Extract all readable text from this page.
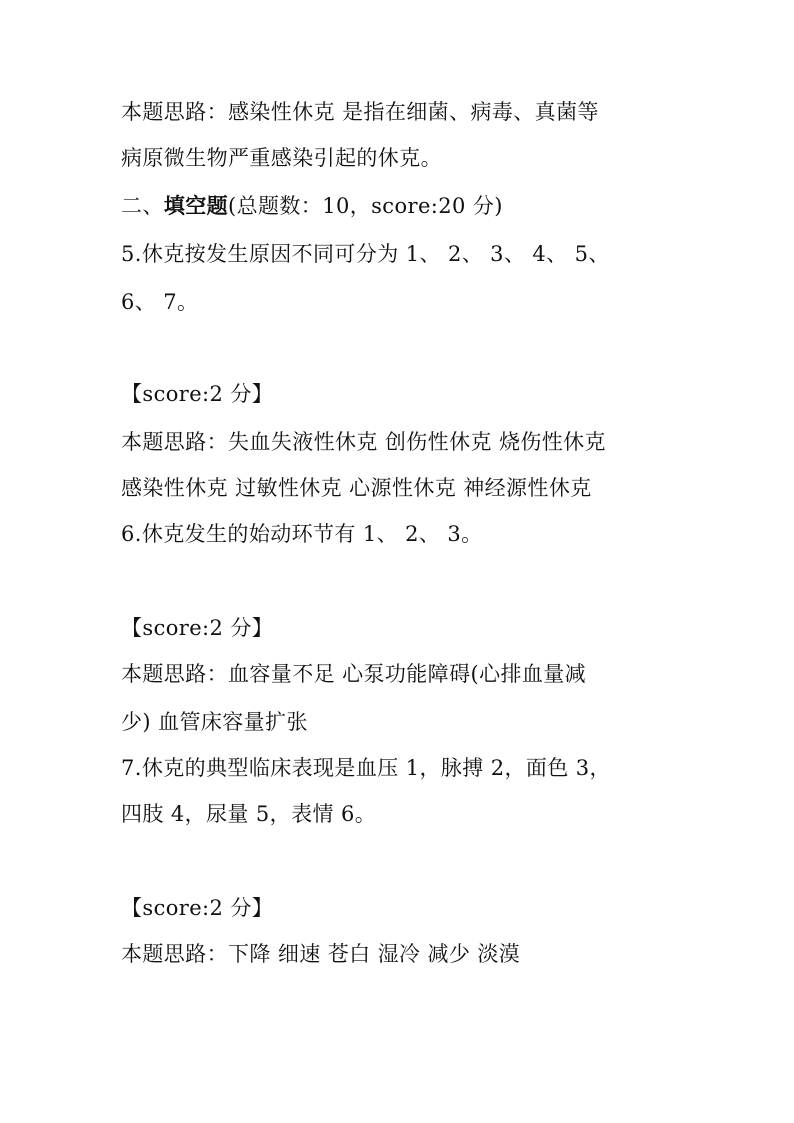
本题思路：感染性休克 是指在细菌、病毒、真菌等
病原微生物严重感染引起的休克。
二、填空题(总题数：10，score:20 分)
5.休克按发生原因不同可分为 1、 2、 3、 4、 5、
6、 7。
【score:2 分】
本题思路：失血失液性休克 创伤性休克 烧伤性休克
感染性休克 过敏性休克 心源性休克 神经源性休克
6.休克发生的始动环节有 1、 2、 3。
【score:2 分】
本题思路：血容量不足 心泵功能障碍(心排血量减
少) 血管床容量扩张
7.休克的典型临床表现是血压 1，脉搏 2，面色 3，
四肢 4，尿量 5，表情 6。
【score:2 分】
本题思路：下降 细速 苍白 湿冷 减少 淡漠
